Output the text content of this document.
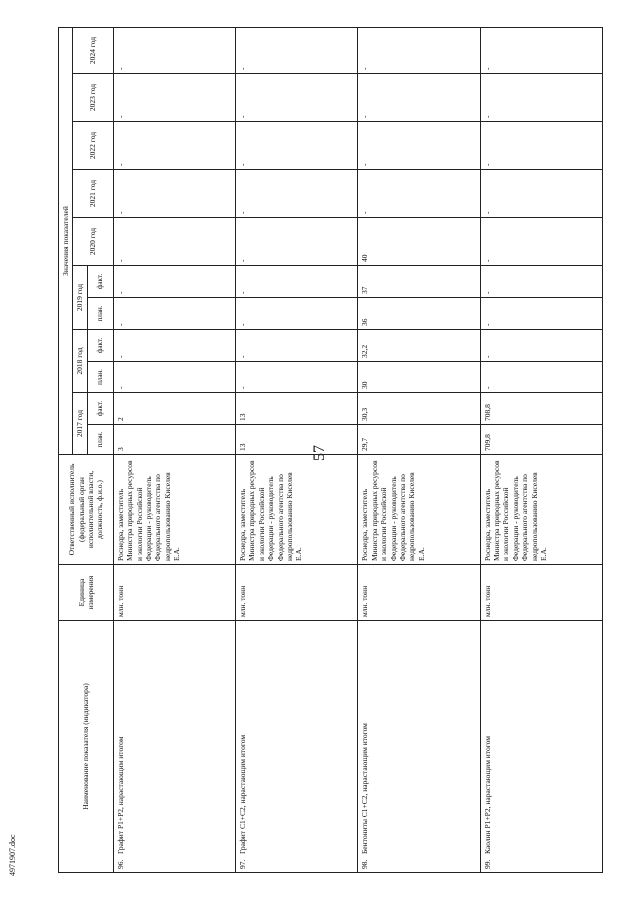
57
Наименование показателя (индикатора)	Единица измерения	Ответственный исполнитель (федеральный орган исполнительной власти, должность, ф.и.о.)	Значения показателей										
			2017 год		2018 год		2019 год		2020 год	2021 год	2022 год	2023 год	2024 год
			план.	факт.	план.	факт.	план.	факт.					
96.   Графит P1+P2, нарастающим итогом	млн. тонн	Роснедра, заместитель Министра природных ресурсов и экологии Российской Федерации - руководитель Федерального агентства по недропользованию Киселев Е.А.	3	2	-	-	-	-	-	-	-	-	-
97.   Графит C1+C2, нарастающим итогом	млн. тонн	Роснедра, заместитель Министра природных ресурсов и экологии Российской Федерации - руководитель Федерального агентства по недропользованию Киселев Е.А.	13	13	-	-	-	-	-	-	-	-	-
98.   Бентониты C1+C2, нарастающим итогом	млн. тонн	Роснедра, заместитель Министра природных ресурсов и экологии Российской Федерации - руководитель Федерального агентства по недропользованию Киселев Е.А.	29,7	30,3	30	32,2	36	37	40	-	-	-	-
99.   Каолин P1+P2, нарастающим итогом	млн. тонн	Роснедра, заместитель Министра природных ресурсов и экологии Российской Федерации - руководитель Федерального агентства по недропользованию Киселев Е.А.	709,8	708,8	-	-	-	-	-	-	-	-	-
4971907.doc
